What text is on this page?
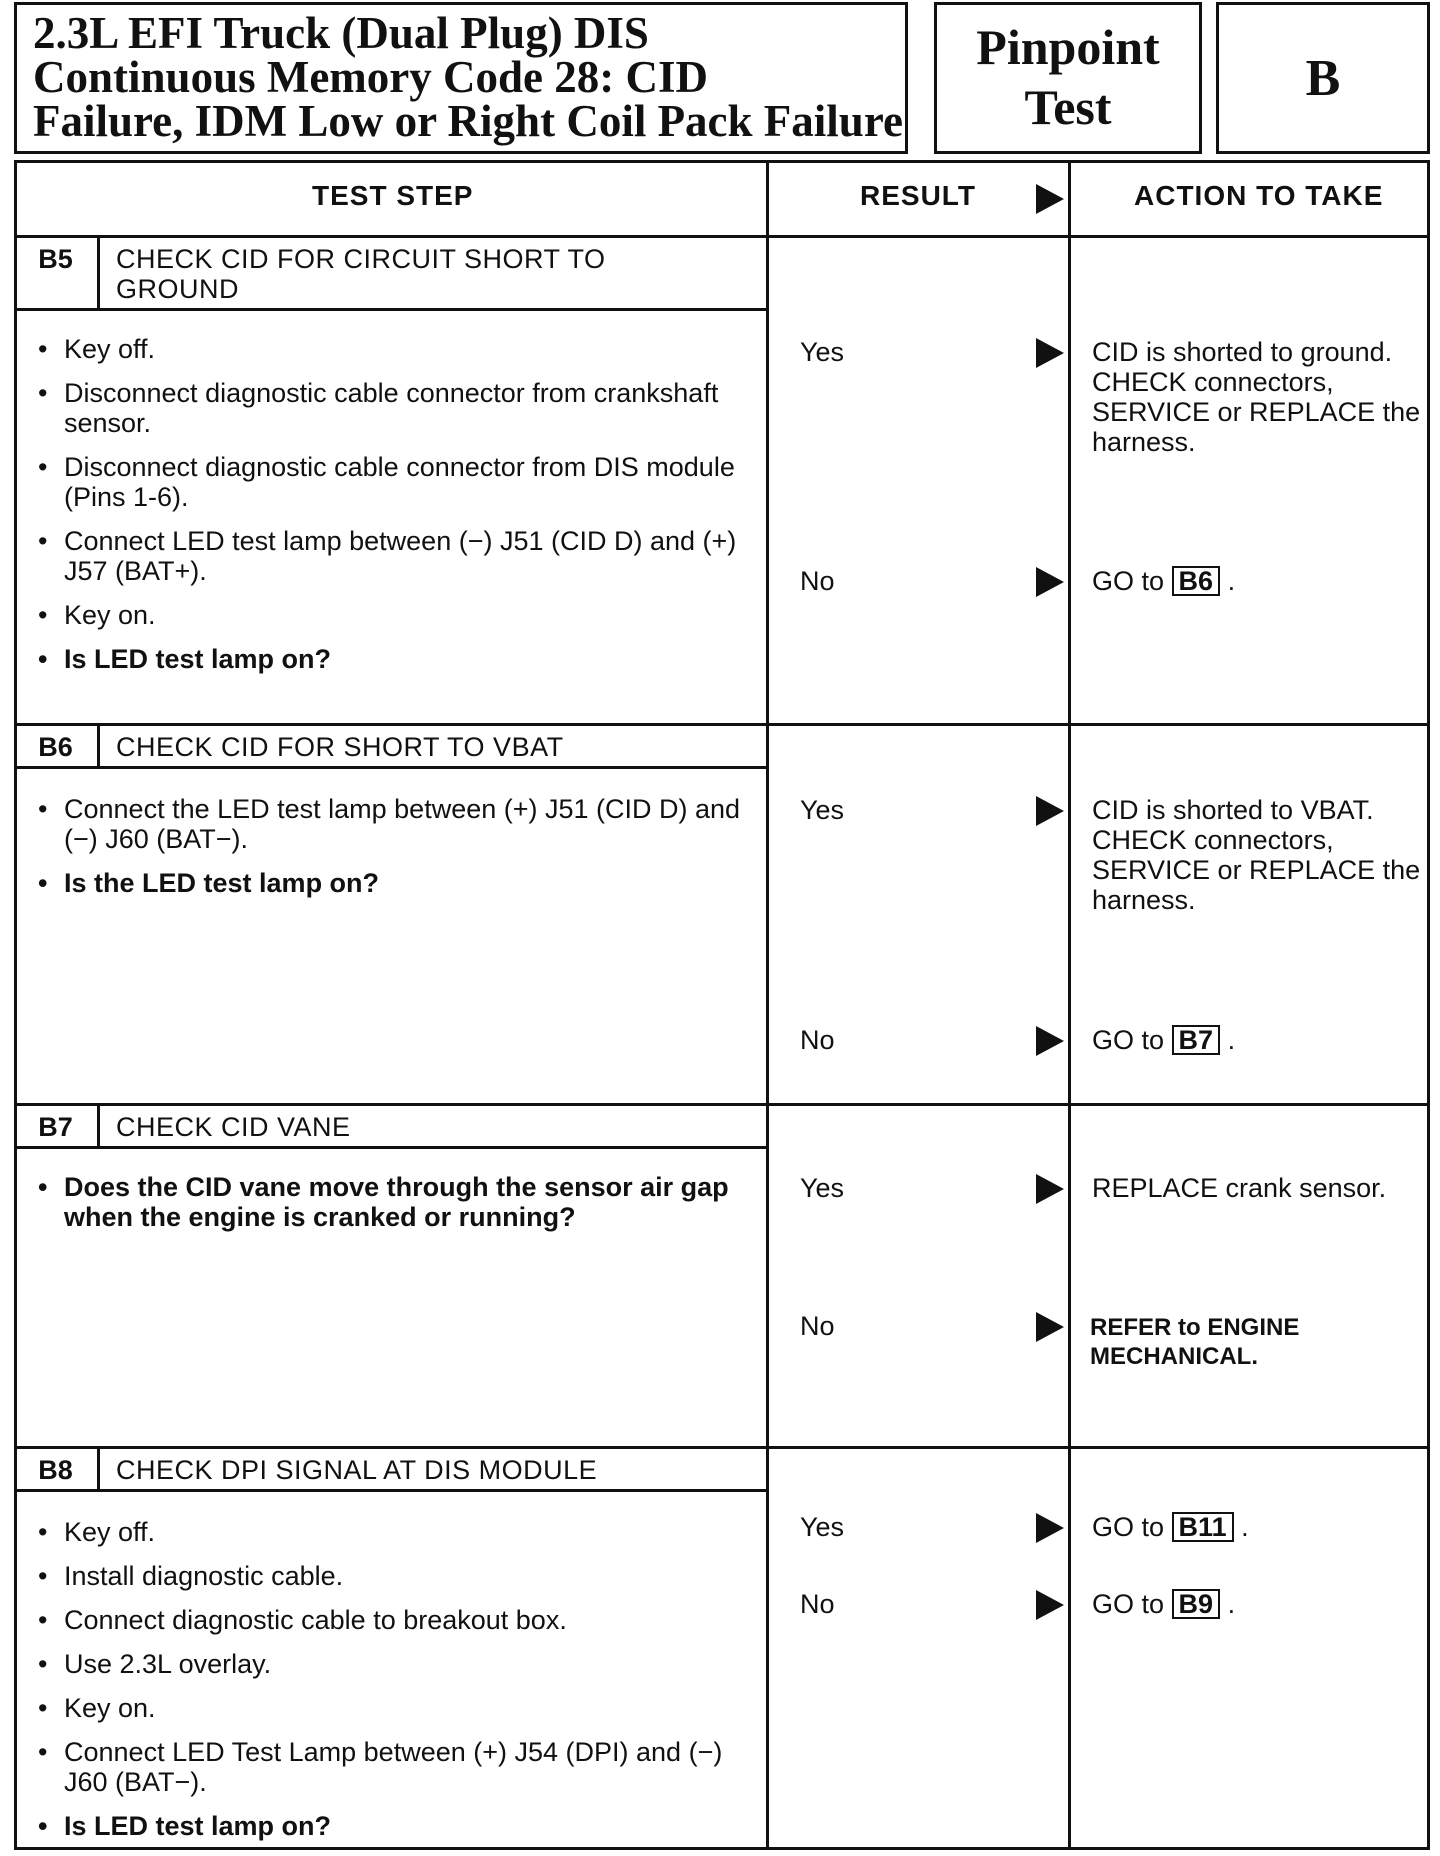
2.3L EFI Truck (Dual Plug) DIS
Continuous Memory Code 28: CID
Failure, IDM Low or Right Coil Pack Failure
Pinpoint
Test	B
TEST STEP	RESULT	ACTION TO TAKE
B5	CHECK CID FOR CIRCUIT SHORT TO
GROUND
• Key off.
• Disconnect diagnostic cable connector from crankshaft sensor.
• Disconnect diagnostic cable connector from DIS module (Pins 1-6).
• Connect LED test lamp between (−) J51 (CID D) and (+) J57 (BAT+).
• Key on.
• Is LED test lamp on?
Yes	CID is shorted to ground. CHECK connectors, SERVICE or REPLACE the harness.
No	GO to B6 .
B6	CHECK CID FOR SHORT TO VBAT
• Connect the LED test lamp between (+) J51 (CID D) and (−) J60 (BAT−).
• Is the LED test lamp on?
Yes	CID is shorted to VBAT. CHECK connectors, SERVICE or REPLACE the harness.
No	GO to B7 .
B7	CHECK CID VANE
• Does the CID vane move through the sensor air gap when the engine is cranked or running?
Yes	REPLACE crank sensor.
No	REFER to ENGINE MECHANICAL.
B8	CHECK DPI SIGNAL AT DIS MODULE
• Key off.
• Install diagnostic cable.
• Connect diagnostic cable to breakout box.
• Use 2.3L overlay.
• Key on.
• Connect LED Test Lamp between (+) J54 (DPI) and (−) J60 (BAT−).
• Is LED test lamp on?
Yes	GO to B11 .
No	GO to B9 .
